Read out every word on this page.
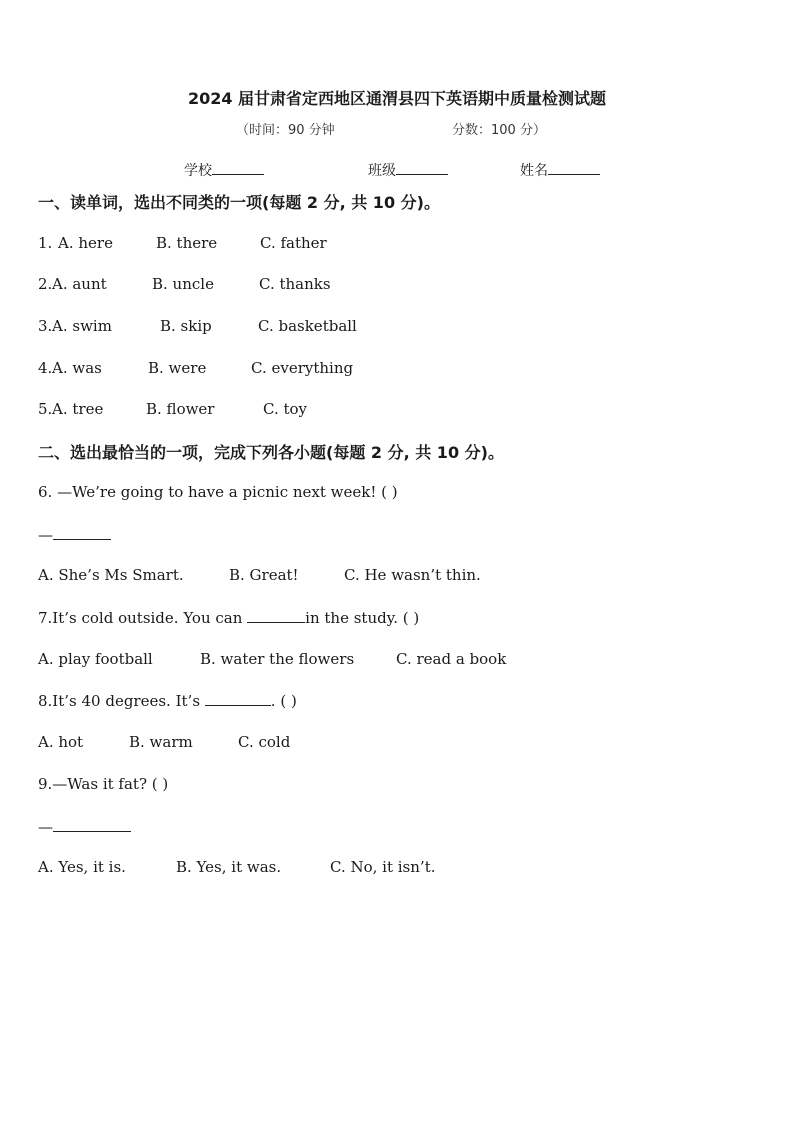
2024 届甘肃省定西地区通渭县四下英语期中质量检测试题
（时间：90 分钟	分数：100 分）
学校	班级	姓名
一、读单词，选出不同类的一项(每题 2 分, 共 10 分)。
1. A. here	B. there	C. father
2. A. aunt	B. uncle	C. thanks
3. A. swim	B. skip	C. basketball
4. A. was	B. were	C. everything
5. A. tree	B. flower	C. toy
二、选出最恰当的一项，完成下列各小题(每题 2 分, 共 10 分)。
6. —We’re going to have a picnic next week! ( )
—
A. She’s Ms Smart.	B. Great!	C. He wasn’t thin.
7.It’s cold outside. You can	in the study. ( )
A. play football	B. water the flowers	C. read a book
8.It’s 40 degrees. It’s	. ( )
A. hot	B. warm	C. cold
9.—Was it fat? ( )
—
A. Yes, it is.	B. Yes, it was.	C. No, it isn’t.
